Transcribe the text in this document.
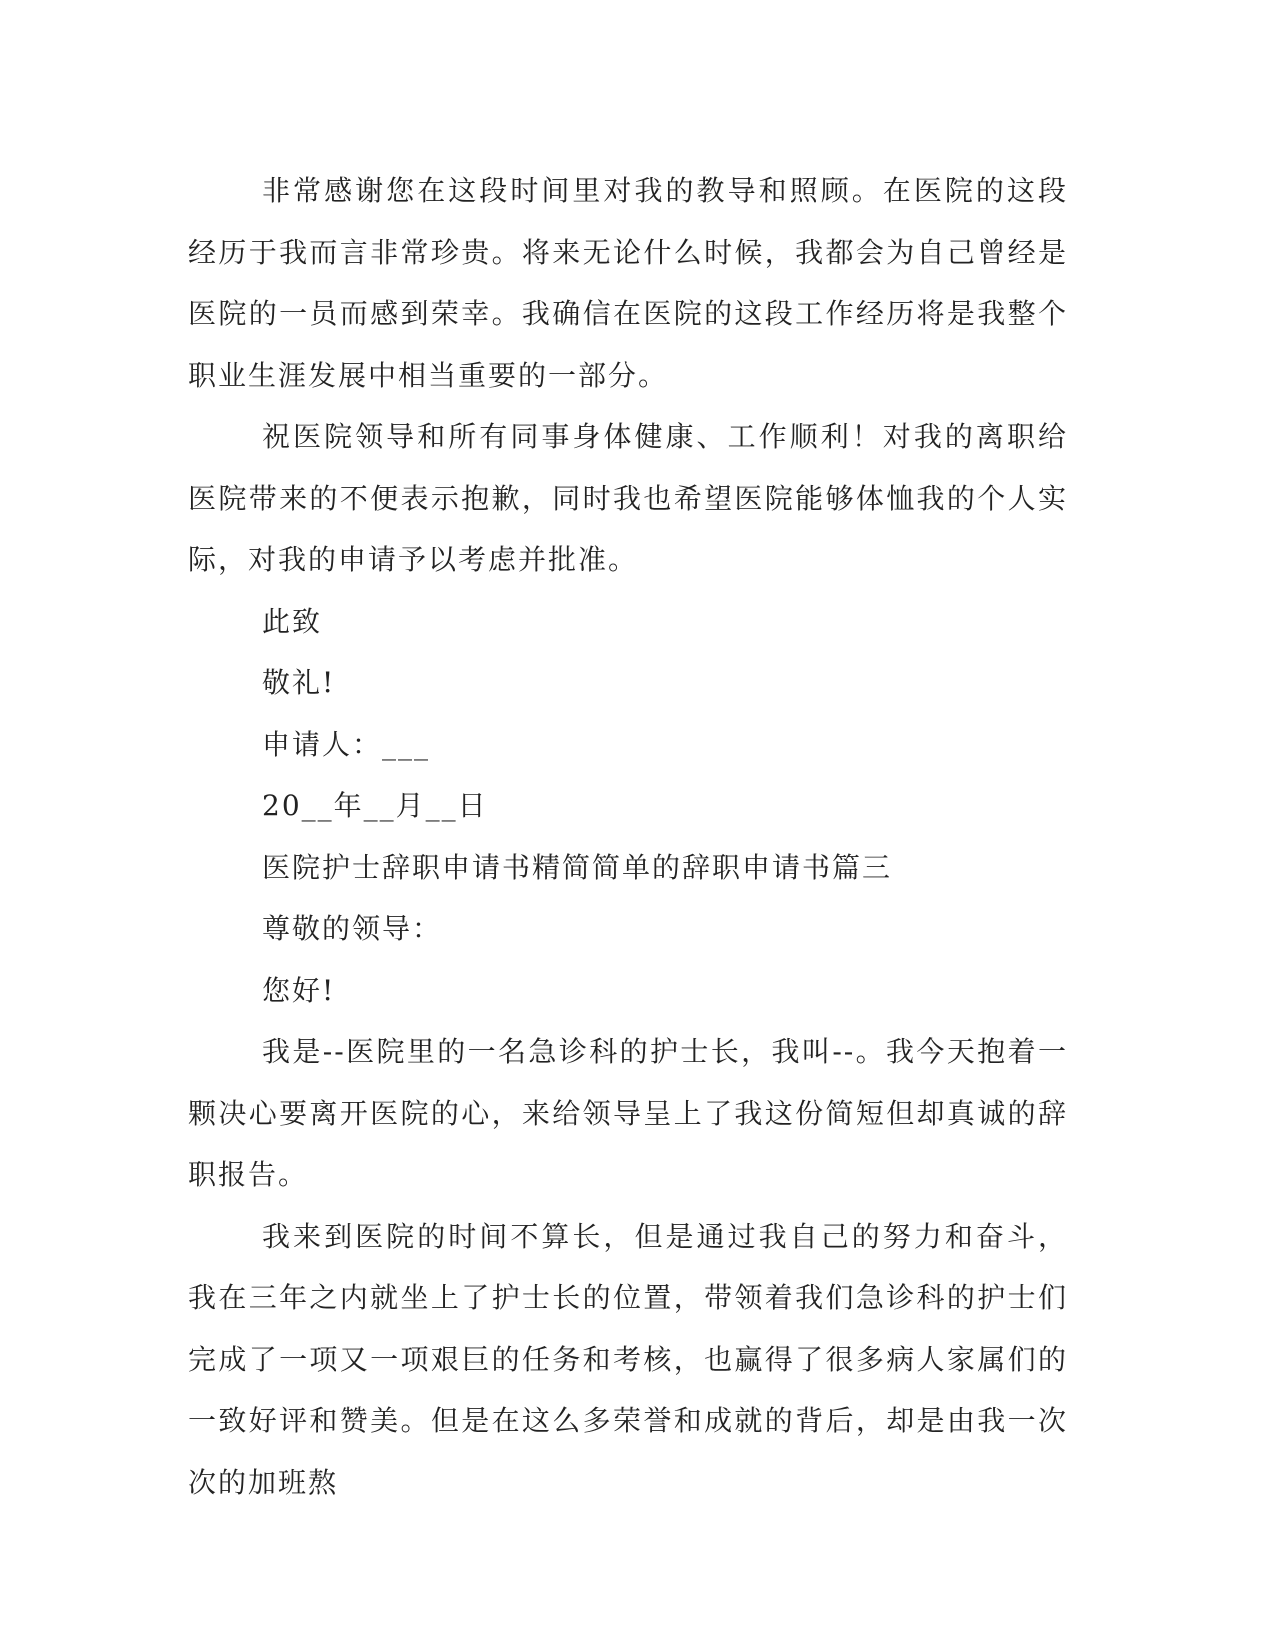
非常感谢您在这段时间里对我的教导和照顾。在医院的这段经历于我而言非常珍贵。将来无论什么时候，我都会为自己曾经是医院的一员而感到荣幸。我确信在医院的这段工作经历将是我整个职业生涯发展中相当重要的一部分。

祝医院领导和所有同事身体健康、工作顺利！对我的离职给医院带来的不便表示抱歉，同时我也希望医院能够体恤我的个人实际，对我的申请予以考虑并批准。

此致

敬礼!

申请人：___

20__年__月__日

医院护士辞职申请书精简简单的辞职申请书篇三

尊敬的领导：

您好!

我是--医院里的一名急诊科的护士长，我叫--。我今天抱着一颗决心要离开医院的心，来给领导呈上了我这份简短但却真诚的辞职报告。

我来到医院的时间不算长，但是通过我自己的努力和奋斗，我在三年之内就坐上了护士长的位置，带领着我们急诊科的护士们完成了一项又一项艰巨的任务和考核，也赢得了很多病人家属们的一致好评和赞美。但是在这么多荣誉和成就的背后，却是由我一次次的加班熬
